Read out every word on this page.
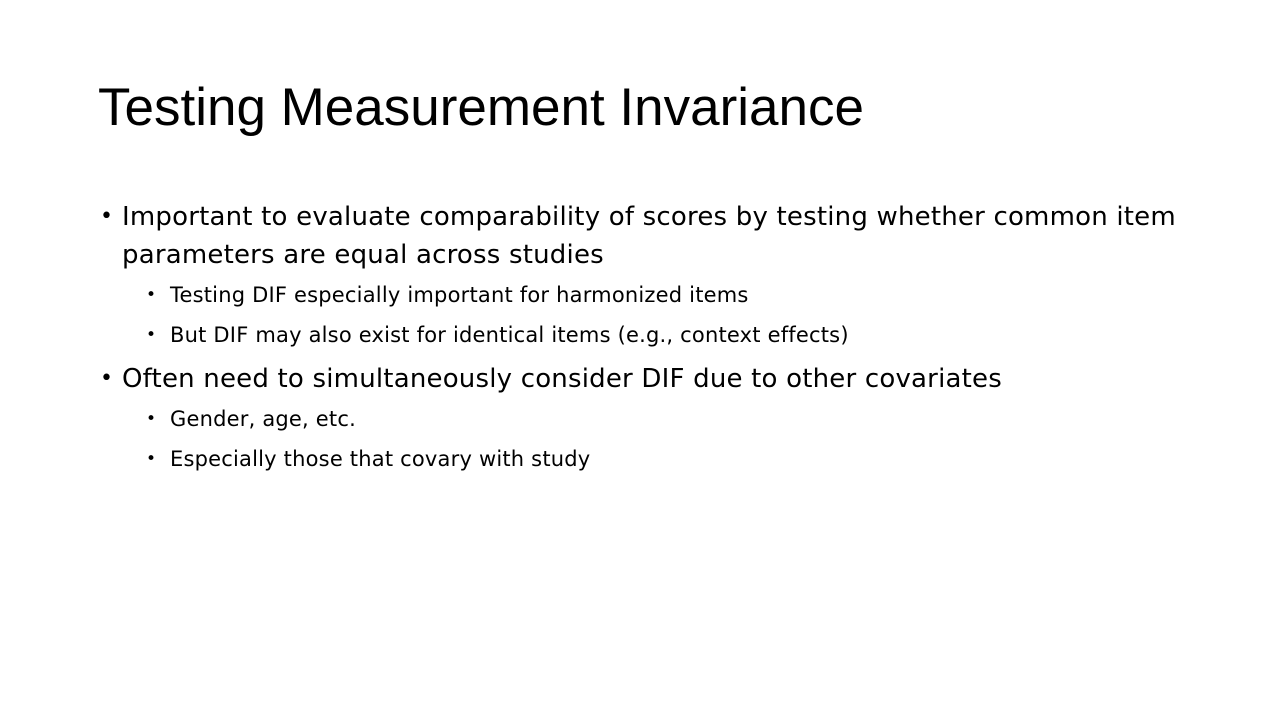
Testing Measurement Invariance
• Important to evaluate comparability of scores by testing whether common item parameters are equal across studies
• Testing DIF especially important for harmonized items
• But DIF may also exist for identical items (e.g., context effects)
• Often need to simultaneously consider DIF due to other covariates
• Gender, age, etc.
• Especially those that covary with study
